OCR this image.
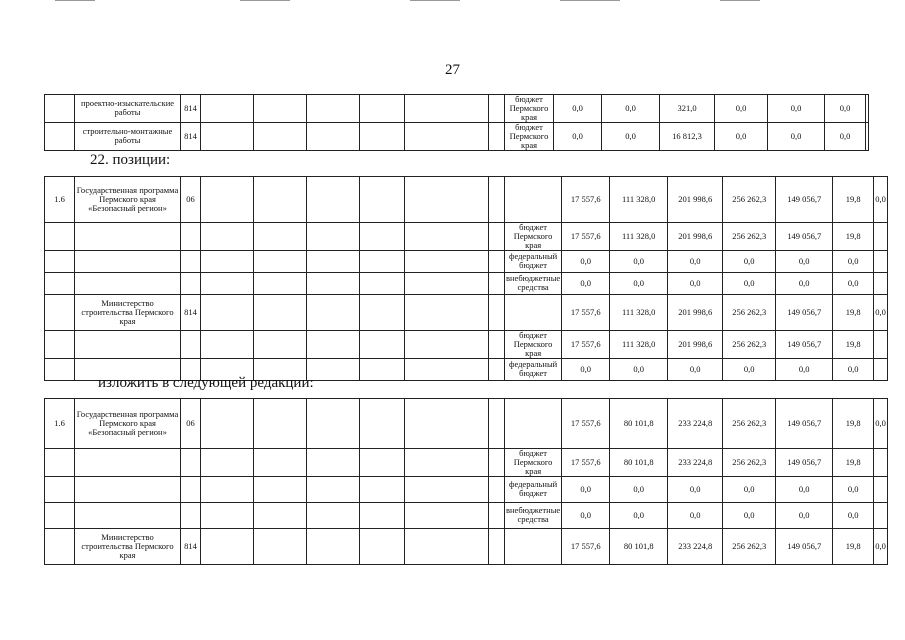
27
	проектно-изыскательские работы	814							бюджет Пермского края	0,0	0,0	321,0	0,0	0,0	0,0	
	строительно-монтажные работы	814							бюджет Пермского края	0,0	0,0	16 812,3	0,0	0,0	0,0	
22. позиции:
1.6	Государственная программа Пермского края «Безопасный регион»	06								17 557,6	111 328,0	201 998,6	256 262,3	149 056,7	19,8	0,0
									бюджет Пермского края	17 557,6	111 328,0	201 998,6	256 262,3	149 056,7	19,8	
									федеральный бюджет	0,0	0,0	0,0	0,0	0,0	0,0	
									внебюджетные средства	0,0	0,0	0,0	0,0	0,0	0,0	
	Министерство строительства Пермского края	814								17 557,6	111 328,0	201 998,6	256 262,3	149 056,7	19,8	0,0
									бюджет Пермского края	17 557,6	111 328,0	201 998,6	256 262,3	149 056,7	19,8	
									федеральный бюджет	0,0	0,0	0,0	0,0	0,0	0,0	
изложить в следующей редакции:
1.6	Государственная программа Пермского края «Безопасный регион»	06								17 557,6	80 101,8	233 224,8	256 262,3	149 056,7	19,8	0,0
									бюджет Пермского края	17 557,6	80 101,8	233 224,8	256 262,3	149 056,7	19,8	
									федеральный бюджет	0,0	0,0	0,0	0,0	0,0	0,0	
									внебюджетные средства	0,0	0,0	0,0	0,0	0,0	0,0	
	Министерство строительства Пермского края	814								17 557,6	80 101,8	233 224,8	256 262,3	149 056,7	19,8	0,0
